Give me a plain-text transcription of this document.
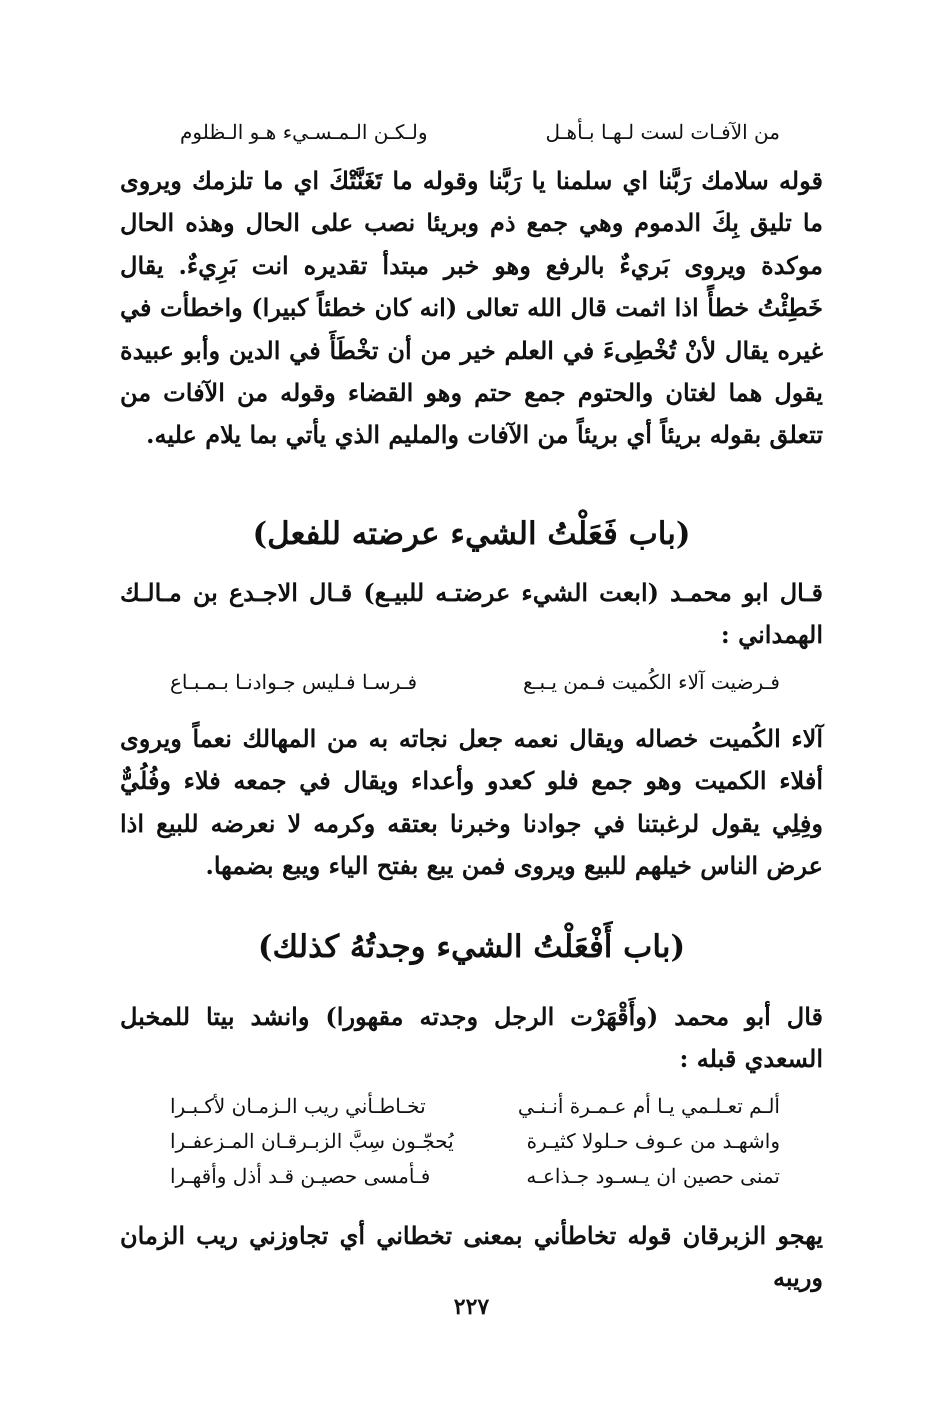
من الآفـات لست لـهـا بـأهـل
ولـكـن الـمـسـيء هـو الـظلوم

قوله سلامك رَبَّنا اي سلمنا يا رَبَّنا وقوله ما تَغَنَّتْكَ اي ما تلزمك ويروى ما تليق بِكَ الدموم وهي جمع ذم وبريئا نصب على الحال وهذه الحال موكدة ويروى بَريءٌ بالرفع وهو خبر مبتدأ تقديره انت بَرِيءٌ. يقال خَطِئْتُ خطأً اذا اثمت قال الله تعالى (انه كان خطئاً كبيرا) واخطأت في غيره يقال لأنْ تُخْطِىءَ في العلم خير من أن تخْطَأَ في الدين وأبو عبيدة يقول هما لغتان والحتوم جمع حتم وهو القضاء وقوله من الآفات من تتعلق بقوله بريئاً أي بريئاً من الآفات والمليم الذي يأتي بما يلام عليه.

(باب فَعَلْتُ الشيء عرضته للفعل)

قـال ابو محمـد (ابعت الشيء عرضتـه للبيـع) قـال الاجـدع بن مـالـك الهمداني :

فـرضيت آلاء الكُميت فـمن يـبـع
فـرسـا فـليس جـوادنـا بـمـبـاع

آلاء الكُميت خصاله ويقال نعمه جعل نجاته به من المهالك نعماً ويروى أفلاء الكميت وهو جمع فلو كعدو وأعداء ويقال في جمعه فلاء وفُلُيٌّ وفِلِي يقول لرغبتنا في جوادنا وخبرنا بعتقه وكرمه لا نعرضه للبيع اذا عرض الناس خيلهم للبيع ويروى فمن يبع بفتح الياء ويبع بضمها.

(باب أَفْعَلْتُ الشيء وجدتُهُ كذلك)

قال أبو محمد (وأَقْهَرْت الرجل وجدته مقهورا) وانشد بيتا للمخبل السعدي قبله :

ألـم تعـلـمي يـا أم عـمـرة أنـنـي
تخـاطـأني ريب الـزمـان لأكـبـرا
واشهـد من عـوف حـلولا كثيـرة
يُحجّـون سِبَّ الزبـرقـان المـزعفـرا
تمنى حصين ان يـسـود جـذاعـه
فـأمسى حصيـن قـد أذل وأقهـرا

يهجو الزبرقان قوله تخاطأني بمعنى تخطاني أي تجاوزني ريب الزمان وريبه

٢٢٧
